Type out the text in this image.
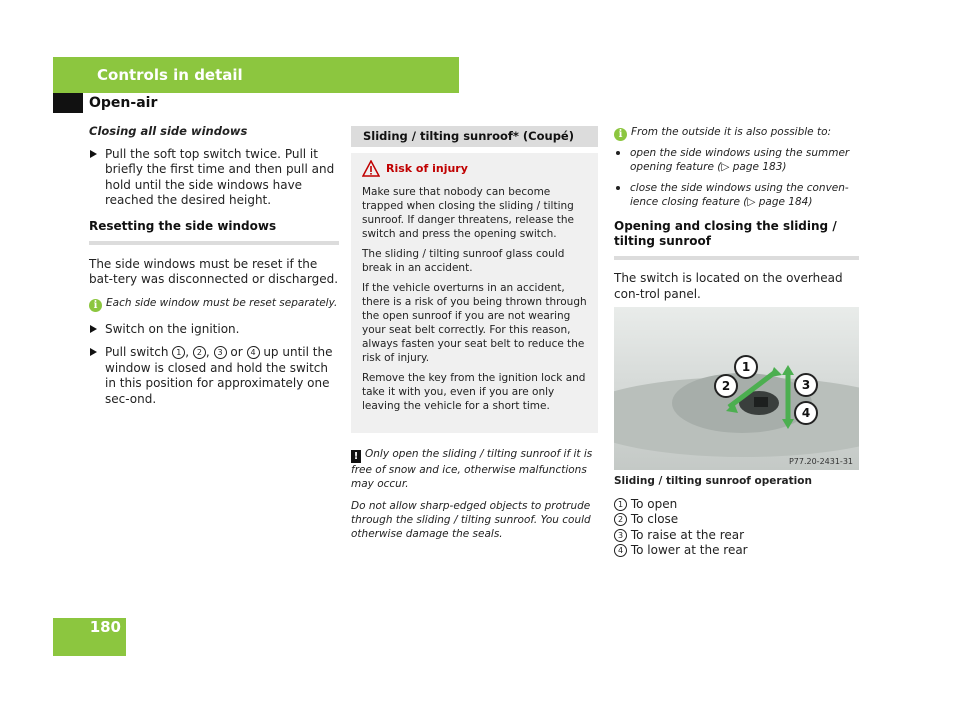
Controls in detail
Open-air
180
Closing all side windows
Pull the soft top switch twice. Pull it briefly the first time and then pull and hold until the side windows have reached the desired height.
Resetting the side windows
The side windows must be reset if the bat-tery was disconnected or discharged.
i Each side window must be reset separately.
Switch on the ignition.
Pull switch 1 , 2 , 3 or 4 up until the window is closed and hold the switch in this position for approximately one sec-ond.
Sliding / tilting sunroof* (Coupé)
Risk of injury

Make sure that nobody can become trapped when closing the sliding / tilting sunroof. If danger threatens, release the switch and press the opening switch.

The sliding / tilting sunroof glass could break in an accident.

If the vehicle overturns in an accident, there is a risk of you being thrown through the open sunroof if you are not wearing your seat belt correctly. For this reason, always fasten your seat belt to reduce the risk of injury.

Remove the key from the ignition lock and take it with you, even if you are only leaving the vehicle for a short time.

! Only open the sliding / tilting sunroof if it is free of snow and ice, otherwise malfunctions may occur.
Do not allow sharp-edged objects to protrude through the sliding / tilting sunroof. You could otherwise damage the seals.
i From the outside it is also possible to:
open the side windows using the summer opening feature (▷ page 183)
close the side windows using the conven-ience closing feature (▷ page 184)
Opening and closing the sliding / tilting sunroof
The switch is located on the overhead con-trol panel.
1
2	3
4
P77.20-2431-31
Sliding / tilting sunroof operation
1 To open
2 To close
3 To raise at the rear
4 To lower at the rear
